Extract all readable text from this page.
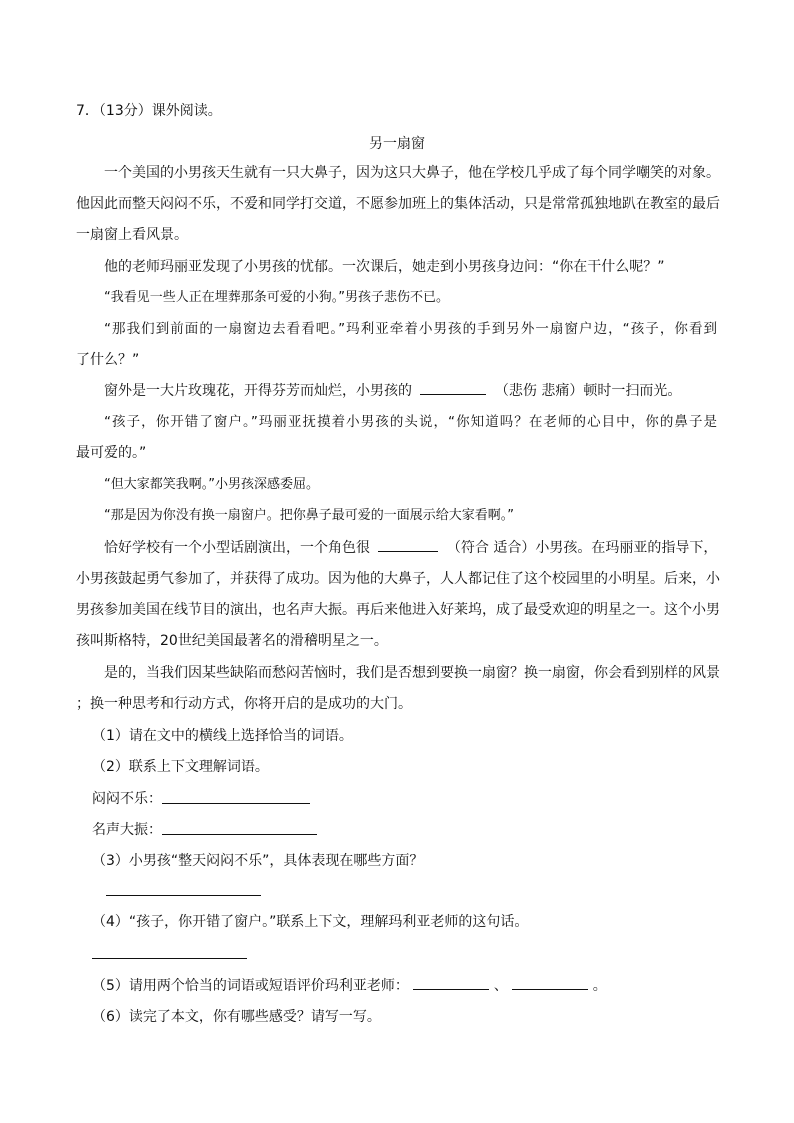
7．（13分）课外阅读。
另一扇窗
一个美国的小男孩天生就有一只大鼻子，因为这只大鼻子，他在学校几乎成了每个同学嘲笑的对象。
他因此而整天闷闷不乐，不爱和同学打交道，不愿参加班上的集体活动，只是常常孤独地趴在教室的最后
一扇窗上看风景。
他的老师玛丽亚发现了小男孩的忧郁。一次课后，她走到小男孩身边问：“你在干什么呢？”
“我看见一些人正在埋葬那条可爱的小狗。”男孩子悲伤不已。
“那我们到前面的一扇窗边去看看吧。”玛利亚牵着小男孩的手到另外一扇窗户边，“孩子，你看到
了什么？”
窗外是一大片玫瑰花，开得芬芳而灿烂，小男孩的	（悲伤 悲痛）顿时一扫而光。
“孩子，你开错了窗户。”玛丽亚抚摸着小男孩的头说，“你知道吗？在老师的心目中，你的鼻子是
最可爱的。”
“但大家都笑我啊。”小男孩深感委屈。
“那是因为你没有换一扇窗户。把你鼻子最可爱的一面展示给大家看啊。”
恰好学校有一个小型话剧演出，一个角色很	（符合 适合）小男孩。在玛丽亚的指导下，
小男孩鼓起勇气参加了，并获得了成功。因为他的大鼻子，人人都记住了这个校园里的小明星。后来，小
男孩参加美国在线节目的演出，也名声大振。再后来他进入好莱坞，成了最受欢迎的明星之一。这个小男
孩叫斯格特，20世纪美国最著名的滑稽明星之一。
是的，当我们因某些缺陷而愁闷苦恼时，我们是否想到要换一扇窗？换一扇窗，你会看到别样的风景
；换一种思考和行动方式，你将开启的是成功的大门。
（1）请在文中的横线上选择恰当的词语。
（2）联系上下文理解词语。
闷闷不乐：
名声大振：
（3）小男孩“整天闷闷不乐”，具体表现在哪些方面？
（4）“孩子，你开错了窗户。”联系上下文，理解玛利亚老师的这句话。
（5）请用两个恰当的词语或短语评价玛利亚老师：	、	。
（6）读完了本文，你有哪些感受？请写一写。
